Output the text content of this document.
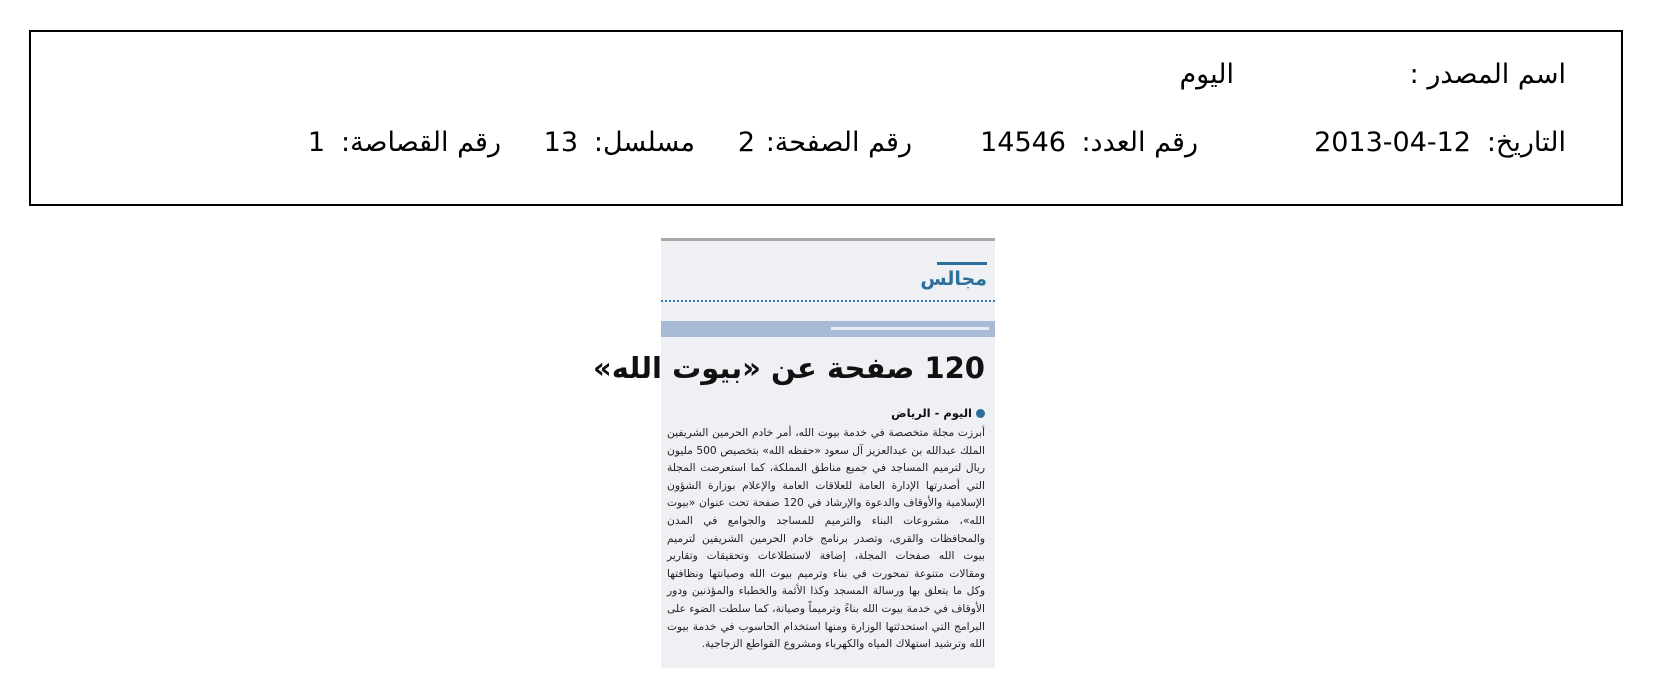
اسم المصدر :
اليوم
التاريخ:
2013-04-12
رقم العدد:
14546
رقم الصفحة:
2
مسلسل:
13
رقم القصاصة:
1
مجالس
120 صفحة عن «بيوت الله»
اليوم - الرياض
أبرزت مجلة متخصصة في خدمة بيوت الله، أمر خادم الحرمين الشريفين الملك عبدالله بن عبدالعزيز آل سعود «حفظه الله» بتخصيص 500 مليون ريال لترميم المساجد في جميع مناطق المملكة، كما استعرضت المجلة التي أصدرتها الإدارة العامة للعلاقات العامة والإعلام بوزارة الشؤون الإسلامية والأوقاف والدعوة والإرشاد في 120 صفحة تحت عنوان «بيوت الله»، مشروعات البناء والترميم للمساجد والجوامع في المدن والمحافظات والقرى، وتصدر برنامج خادم الحرمين الشريفين لترميم بيوت الله صفحات المجلة، إضافة لاستطلاعات وتحقيقات وتقارير ومقالات متنوعة تمحورت في بناء وترميم بيوت الله وصيانتها ونظافتها وكل ما يتعلق بها ورسالة المسجد وكذا الأئمة والخطباء والمؤذنين ودور الأوقاف في خدمة بيوت الله بناءً وترميماً وصيانة، كما سلطت الضوء على البرامج التي استحدثتها الوزارة ومنها استخدام الحاسوب في خدمة بيوت الله وترشيد استهلاك المياه والكهرباء ومشروع القواطع الزجاجية.
